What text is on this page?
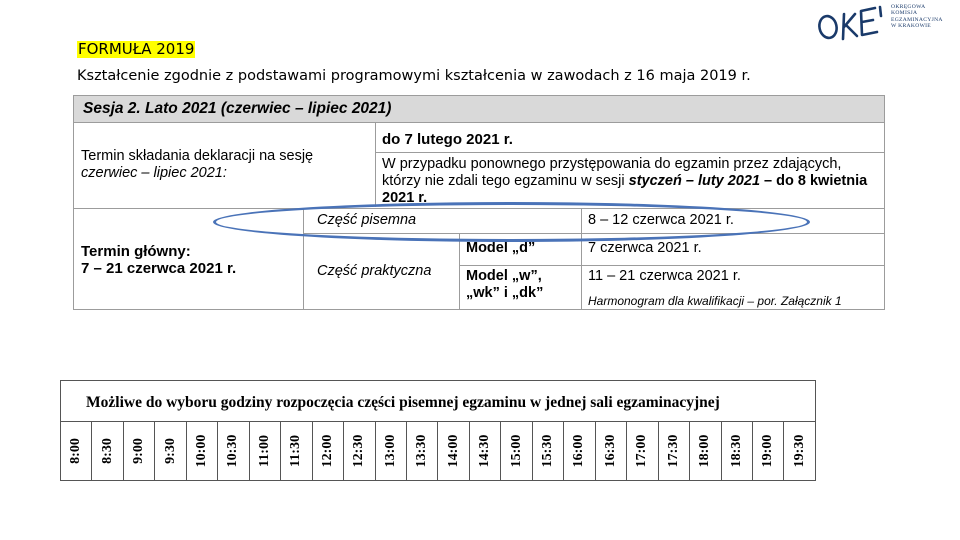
FORMUŁA 2019
Kształcenie zgodnie z podstawami programowymi kształcenia w zawodach z 16 maja 2019 r.
OKRĘGOWA
KOMISJA
EGZAMINACYJNA
W KRAKOWIE
Sesja 2. Lato 2021 (czerwiec – lipiec 2021)
Termin składania deklaracji na sesję
czerwiec – lipiec 2021:
do 7 lutego 2021 r.
W przypadku ponownego przystępowania do egzamin przez zdających,
którzy nie zdali tego egzaminu w sesji styczeń – luty 2021 – do 8 kwietnia
2021 r.
Termin główny:
7 – 21 czerwca 2021 r.
Część pisemna	8 – 12 czerwca 2021 r.
Część praktyczna
Model „d”	7 czerwca 2021 r.
Model „w”,
„wk” i „dk”
11 – 21 czerwca 2021 r.
Harmonogram dla kwalifikacji – por. Załącznik 1
Możliwe do wyboru godziny rozpoczęcia części pisemnej egzaminu w jednej sali egzaminacyjnej
8:00 8:30 9:00 9:30 10:00 10:30 11:00 11:30 12:00 12:30 13:00 13:30 14:00 14:30 15:00 15:30 16:00 16:30 17:00 17:30 18:00 18:30 19:00 19:30
